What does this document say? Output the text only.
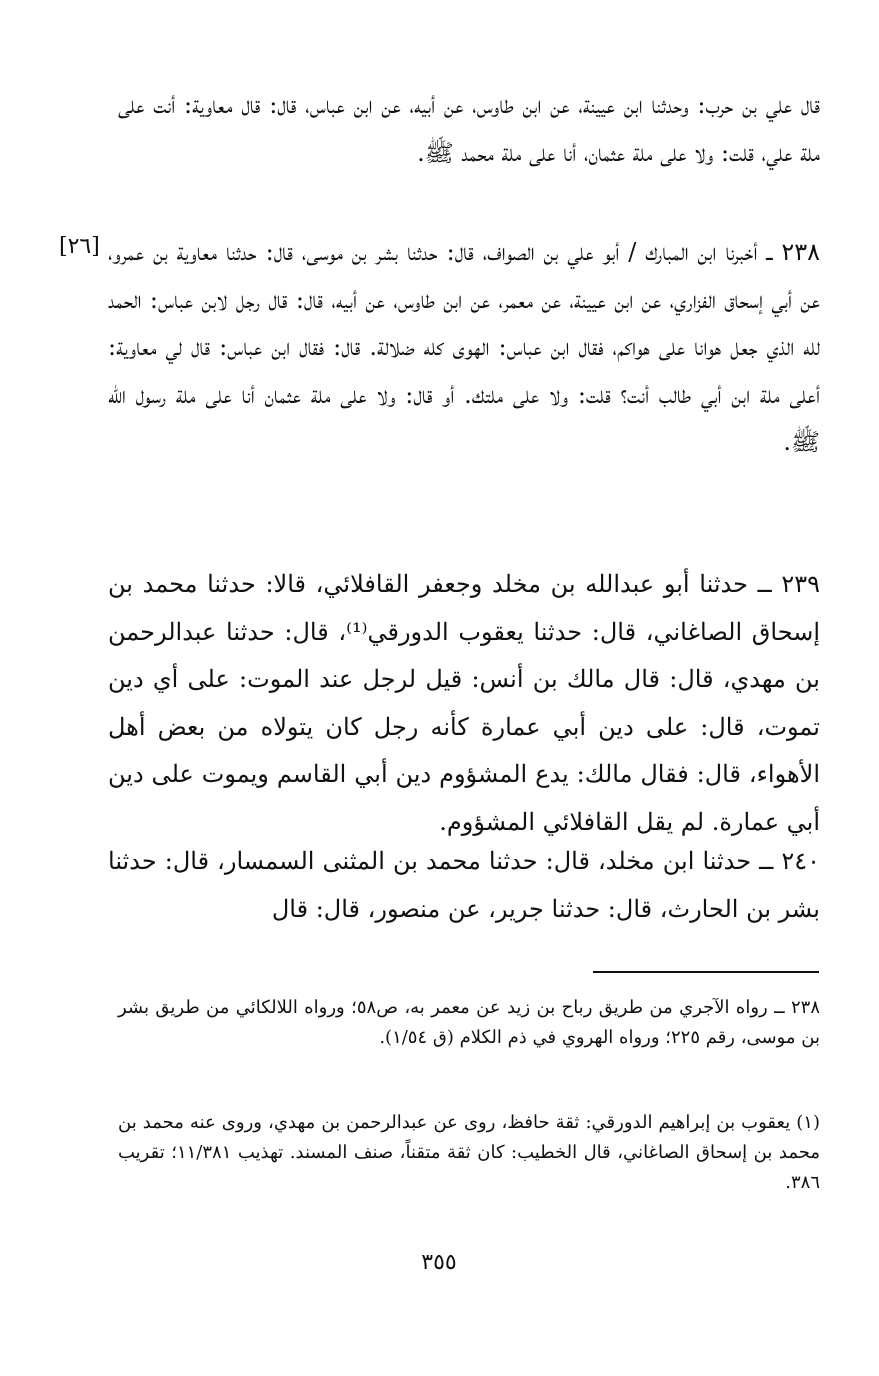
قال علي بن حرب: وحدثنا ابن عيينة، عن ابن طاوس، عن أبيه، عن ابن عباس، قال: قال معاوية: أنت على ملة علي، قلت: ولا على ملة عثمان، أنا على ملة محمد ﷺ.

٢٣٨ ــ أخبرنا ابن المبارك / أبو علي بن الصواف، قال: حدثنا بشر بن موسى، قال: حدثنا معاوية بن عمرو، عن أبي إسحاق الفزاري، عن ابن عيينة، عن معمر، عن ابن طاوس، عن أبيه، قال: قال رجل لابن عباس: الحمد لله الذي جعل هوانا على هواكم، فقال ابن عباس: الهوى كله ضلالة. قال: فقال ابن عباس: قال لي معاوية: أعلى ملة ابن أبي طالب أنت؟ قلت: ولا على ملتك. أو قال: ولا على ملة عثمان أنا على ملة رسول الله ﷺ.

[٢٦]

٢٣٩ ــ حدثنا أبو عبدالله بن مخلد وجعفر القافلائي، قالا: حدثنا محمد بن إسحاق الصاغاني، قال: حدثنا يعقوب الدورقي⁽¹⁾، قال: حدثنا عبدالرحمن بن مهدي، قال: قال مالك بن أنس: قيل لرجل عند الموت: على أي دين تموت، قال: على دين أبي عمارة كأنه رجل كان يتولاه من بعض أهل الأهواء، قال: فقال مالك: يدع المشؤوم دين أبي القاسم ويموت على دين أبي عمارة. لم يقل القافلائي المشؤوم.

٢٤٠ ــ حدثنا ابن مخلد، قال: حدثنا محمد بن المثنى السمسار، قال: حدثنا بشر بن الحارث، قال: حدثنا جرير، عن منصور، قال: قال

٢٣٨ ــ رواه الآجري من طريق رباح بن زيد عن معمر به، ص٥٨؛ ورواه اللالكائي من طريق بشر بن موسى، رقم ٢٢٥؛ ورواه الهروي في ذم الكلام (ق ١/٥٤).

(١) يعقوب بن إبراهيم الدورقي: ثقة حافظ، روى عن عبدالرحمن بن مهدي، وروى عنه محمد بن محمد بن إسحاق الصاغاني، قال الخطيب: كان ثقة متقناً، صنف المسند. تهذيب ١١/٣٨١؛ تقريب ٣٨٦.

٣٥٥
